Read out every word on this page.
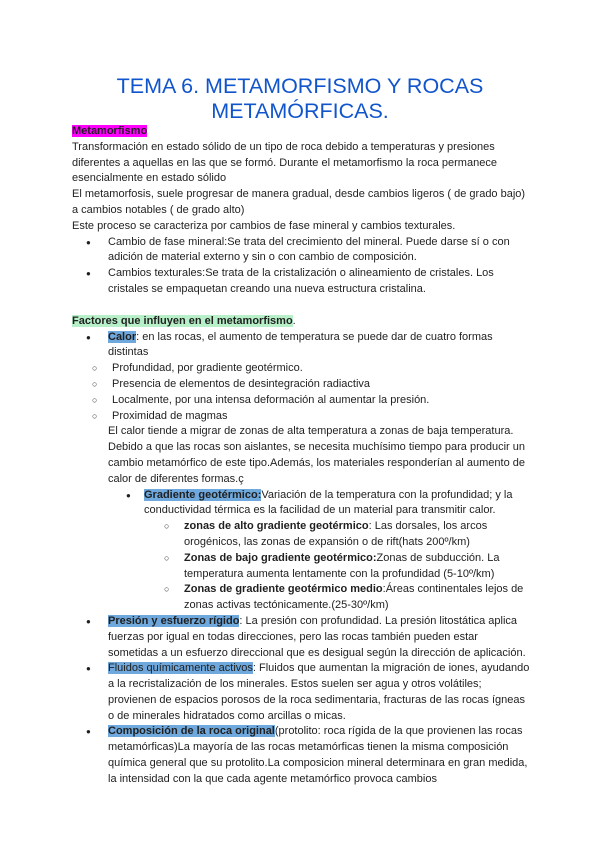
TEMA 6. METAMORFISMO Y ROCAS
METAMÓRFICAS.

Metamorfismo

Transformación en estado sólido de un tipo de roca debido a temperaturas y presiones diferentes a aquellas en las que se formó. Durante el metamorfismo la roca permanece esencialmente en estado sólido

El metamorfosis, suele progresar de manera gradual, desde cambios ligeros ( de grado bajo) a cambios notables ( de grado alto)

Este proceso se caracteriza por cambios de fase mineral y cambios texturales.

● Cambio de fase mineral:Se trata del crecimiento del mineral. Puede darse sí o con adición de material externo y sin o con cambio de composición.
● Cambios texturales:Se trata de la cristalización o alineamiento de cristales. Los cristales se empaquetan creando una nueva estructura cristalina.

Factores que influyen en el metamorfismo.

● Calor: en las rocas, el aumento de temperatura se puede dar de cuatro formas distintas
○ Profundidad, por gradiente geotérmico.
○ Presencia de elementos de desintegración radiactiva
○ Localmente, por una intensa deformación al aumentar la presión.
○ Proximidad de magmas

El calor tiende a migrar de zonas de alta temperatura a zonas de baja temperatura. Debido a que las rocas son aislantes, se necesita muchísimo tiempo para producir un cambio metamórfico de este tipo.Además, los materiales responderían al aumento de calor de diferentes formas.ç

● Gradiente geotérmico:Variación de la temperatura con la profundidad; y la conductividad térmica es la facilidad de un material para transmitir calor.
○ zonas de alto gradiente geotérmico: Las dorsales, los arcos orogénicos, las zonas de expansión o de rift(hats 200º/km)
○ Zonas de bajo gradiente geotérmico:Zonas de subducción. La temperatura aumenta lentamente con la profundidad (5-10º/km)
○ Zonas de gradiente geotérmico medio:Áreas continentales lejos de zonas activas tectónicamente.(25-30º/km)
● Presión y esfuerzo rígido: La presión con profundidad. La presión litostática aplica fuerzas por igual en todas direcciones, pero las rocas también pueden estar sometidas a un esfuerzo direccional que es desigual según la dirección de aplicación.
● Fluidos químicamente activos: Fluidos que aumentan la migración de iones, ayudando a la recristalización de los minerales. Estos suelen ser agua y otros volátiles; provienen de espacios porosos de la roca sedimentaria, fracturas de las rocas ígneas o de minerales hidratados como arcillas o micas.
● Composición de la roca original(protolito: roca rígida de la que provienen las rocas metamórficas)La mayoría de las rocas metamórficas tienen la misma composición química general que su protolito.La composicion mineral determinara en gran medida, la intensidad con la que cada agente metamórfico provoca cambios
